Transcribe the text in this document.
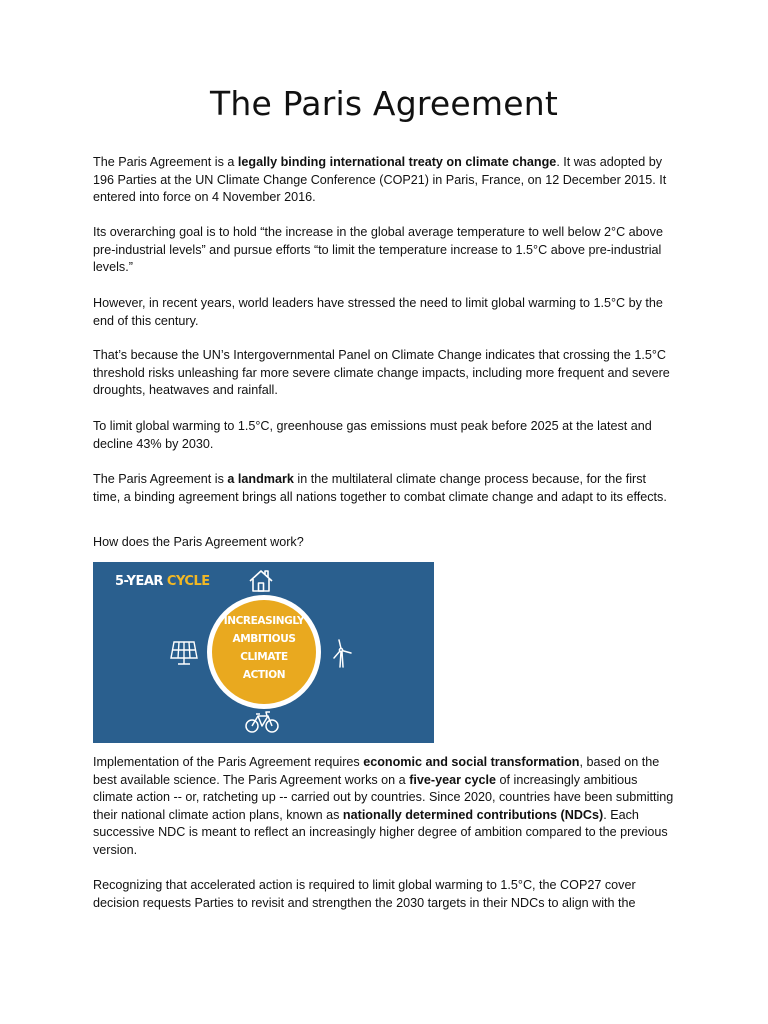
The Paris Agreement

The Paris Agreement is a legally binding international treaty on climate change. It was adopted by 196 Parties at the UN Climate Change Conference (COP21) in Paris, France, on 12 December 2015. It entered into force on 4 November 2016.

Its overarching goal is to hold “the increase in the global average temperature to well below 2°C above pre-industrial levels” and pursue efforts “to limit the temperature increase to 1.5°C above pre-industrial levels.”

However, in recent years, world leaders have stressed the need to limit global warming to 1.5°C by the end of this century.

That’s because the UN’s Intergovernmental Panel on Climate Change indicates that crossing the 1.5°C threshold risks unleashing far more severe climate change impacts, including more frequent and severe droughts, heatwaves and rainfall.

To limit global warming to 1.5°C, greenhouse gas emissions must peak before 2025 at the latest and decline 43% by 2030.

The Paris Agreement is a landmark in the multilateral climate change process because, for the first time, a binding agreement brings all nations together to combat climate change and adapt to its effects.

How does the Paris Agreement work?

5-YEAR CYCLE
INCREASINGLY
AMBITIOUS
CLIMATE ACTION

Implementation of the Paris Agreement requires economic and social transformation, based on the best available science. The Paris Agreement works on a five-year cycle of increasingly ambitious climate action -- or, ratcheting up -- carried out by countries. Since 2020, countries have been submitting their national climate action plans, known as nationally determined contributions (NDCs). Each successive NDC is meant to reflect an increasingly higher degree of ambition compared to the previous version.

Recognizing that accelerated action is required to limit global warming to 1.5°C, the COP27 cover decision requests Parties to revisit and strengthen the 2030 targets in their NDCs to align with the
